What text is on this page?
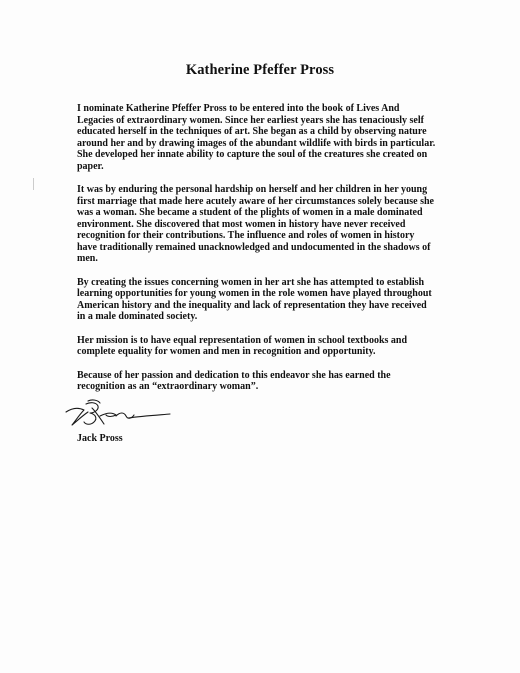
Katherine Pfeffer Pross

I nominate Katherine Pfeffer Pross to be entered into the book of Lives And
Legacies of extraordinary women. Since her earliest years she has tenaciously self
educated herself in the techniques of art. She began as a child by observing nature
around her and by drawing images of the abundant wildlife with birds in particular.
She developed her innate ability to capture the soul of the creatures she created on
paper.

It was by enduring the personal hardship on herself and her children in her young
first marriage that made here acutely aware of her circumstances solely because she
was a woman. She became a student of the plights of women in a male dominated
environment. She discovered that most women in history have never received
recognition for their contributions. The influence and roles of women in history
have traditionally remained unacknowledged and undocumented in the shadows of
men.

By creating the issues concerning women in her art she has attempted to establish
learning opportunities for young women in the role women have played throughout
American history and the inequality and lack of representation they have received
in a male dominated society.

Her mission is to have equal representation of women in school textbooks and
complete equality for women and men in recognition and opportunity.

Because of her passion and dedication to this endeavor she has earned the
recognition as an “extraordinary woman”.

Jack Pross
